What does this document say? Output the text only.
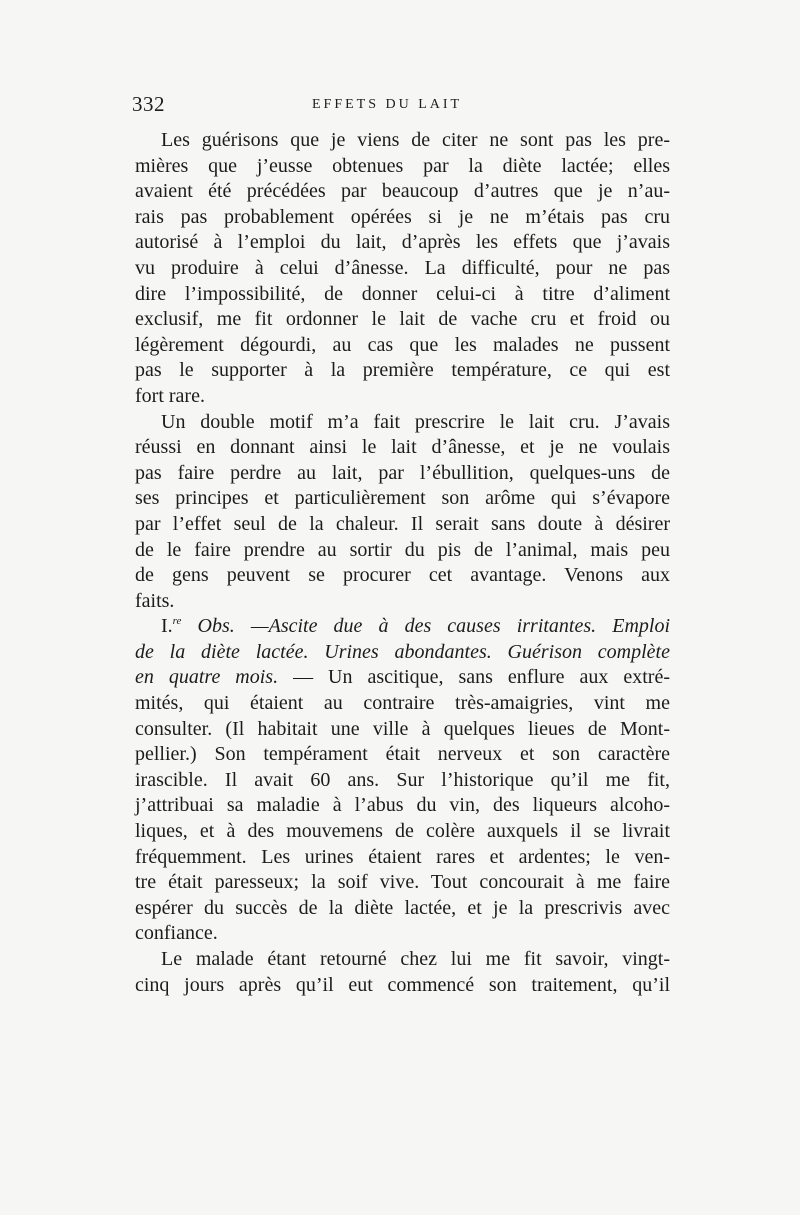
332	EFFETS DU LAIT
Les guérisons que je viens de citer ne sont pas les pre-
mières que j’eusse obtenues par la diète lactée; elles
avaient été précédées par beaucoup d’autres que je n’au-
rais pas probablement opérées si je ne m’étais pas cru
autorisé à l’emploi du lait, d’après les effets que j’avais
vu produire à celui d’ânesse. La difficulté, pour ne pas
dire l’impossibilité, de donner celui-ci à titre d’aliment
exclusif, me fit ordonner le lait de vache cru et froid ou
légèrement dégourdi, au cas que les malades ne pussent
pas le supporter à la première température, ce qui est
fort rare.
Un double motif m’a fait prescrire le lait cru. J’avais
réussi en donnant ainsi le lait d’ânesse, et je ne voulais
pas faire perdre au lait, par l’ébullition, quelques-uns de
ses principes et particulièrement son arôme qui s’évapore
par l’effet seul de la chaleur. Il serait sans doute à désirer
de le faire prendre au sortir du pis de l’animal, mais peu
de gens peuvent se procurer cet avantage. Venons aux
faits.
I.$^{re}$ Obs. —Ascite due à des causes irritantes. Emploi
de la diète lactée. Urines abondantes. Guérison complète
en quatre mois. — Un ascitique, sans enflure aux extré-
mités, qui étaient au contraire très-amaigries, vint me
consulter. (Il habitait une ville à quelques lieues de Mont-
pellier.) Son tempérament était nerveux et son caractère
irascible. Il avait 60 ans. Sur l’historique qu’il me fit,
j’attribuai sa maladie à l’abus du vin, des liqueurs alcoho-
liques, et à des mouvemens de colère auxquels il se livrait
fréquemment. Les urines étaient rares et ardentes; le ven-
tre était paresseux; la soif vive. Tout concourait à me faire
espérer du succès de la diète lactée, et je la prescrivis avec
confiance.
Le malade étant retourné chez lui me fit savoir, vingt-
cinq jours après qu’il eut commencé son traitement, qu’il
